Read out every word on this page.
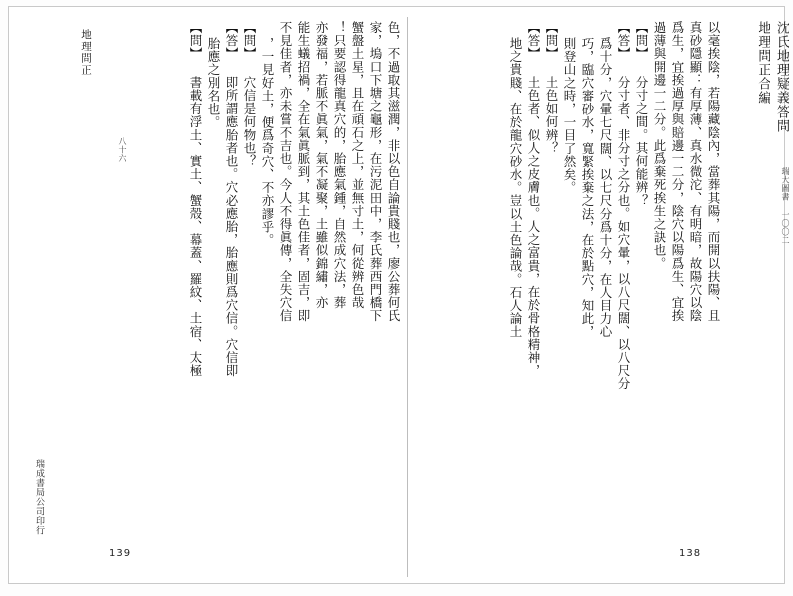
沈氏地理疑義答問
地理問正合編
瑞大圖書 一〇〇二
以毫挨陰，若陽藏陰內，當葬其陽，而開以扶陽、且
真砂隱顯：有厚薄、真水微沱、有明暗，故陽穴以陰
爲生，宜挨過厚與賠邊一二分，陰穴以陽爲生、宜挨
過薄與開邊一二分。此爲棄死挨生之訣也。
【問】 分寸之間。其何能辨？
【答】 分寸者、非分寸之分也。如穴暈，以八尺闊、以八尺分
爲十分，穴暈七尺闊、以七尺分爲十分，在人目力心
巧，臨穴審砂水，寬緊挨棄之法，在於點穴，知此，
則登山之時，一目了然矣。
【問】 土色如何辨？
【答】 土色者、似人之皮膚也。人之富貴，在於骨格精神，
地之貴賤、在於龍穴砂水。豈以土色論哉。石人論土
138
地理問正
八十六	色，不過取其滋潤，非以色自論貴賤也，廖公葬何氏
家，塢口下塘之龜形，在污泥田中，李氏葬西門橋下
蟹盤土星，且在頑石之上，並無寸土，何從辨色哉
！只要認得龍真穴的，胎應氣鍾，自然成穴法，葬
亦發福，若脈不眞氣，氣不凝聚，土雖似錦繡，亦
能生蟻招禍，全在氣眞脈到，其土色佳者，固吉，即
不見佳者，亦未嘗不吉也。今人不得眞傳，全失穴信
，一見好土，便爲奇穴、不亦謬乎。
【問】 穴信是何物也？
【答】 即所謂應胎者也。穴必應胎，胎應則爲穴信。穴信即
胎應之別名也。
【問】 書載有浮土、實土、蟹殼、幕蓋、羅紋、土宿、太極
瑞成書局公司印行
139
